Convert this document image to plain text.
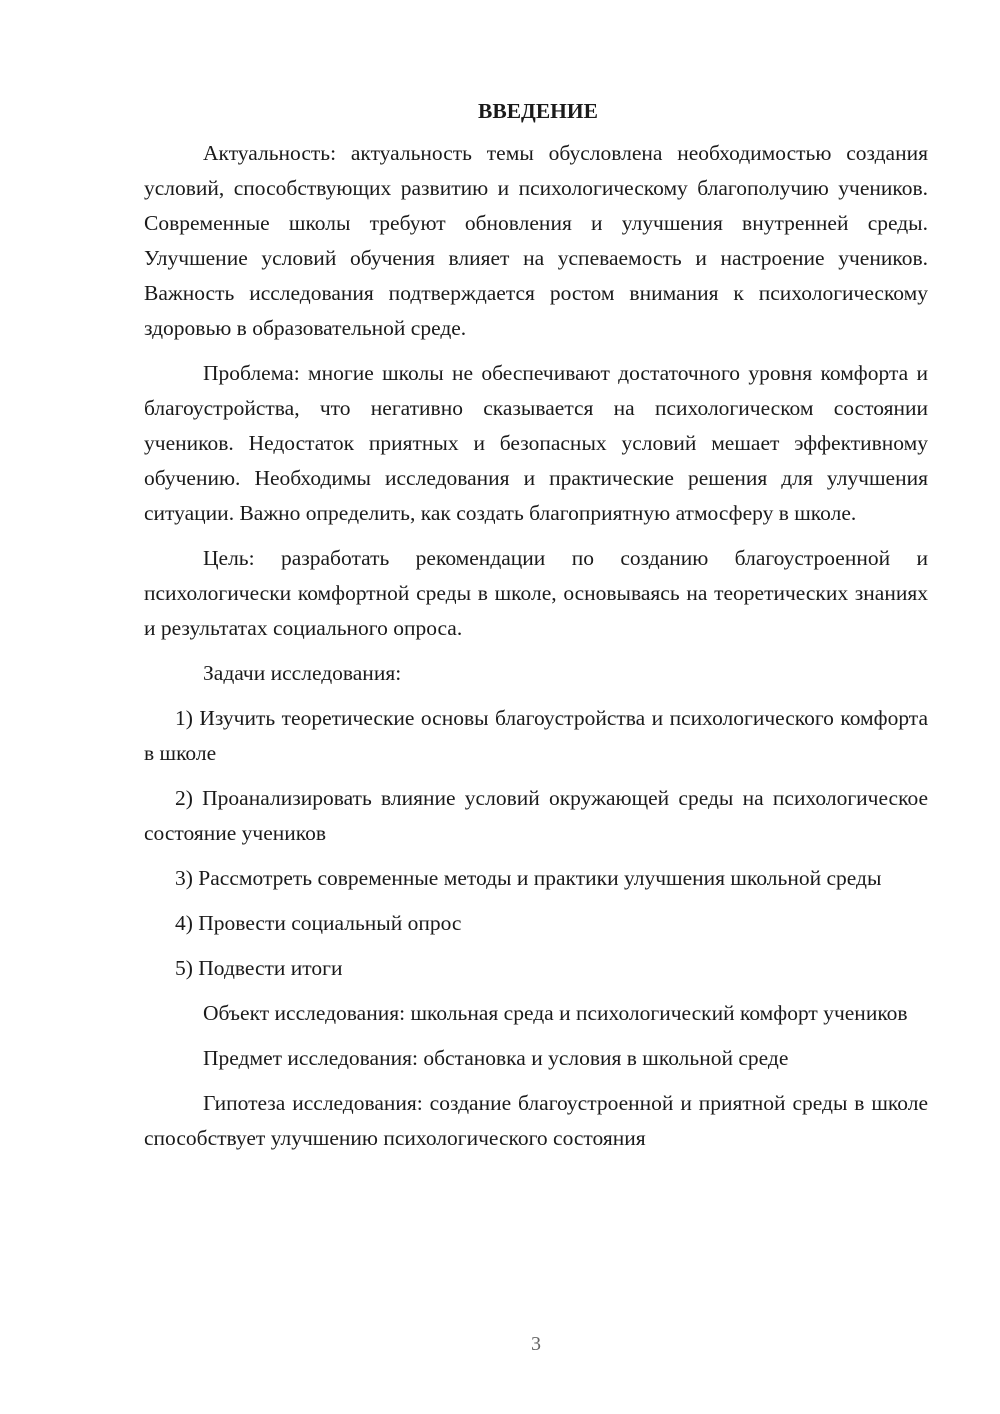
ВВЕДЕНИЕ

Актуальность: актуальность темы обусловлена необходимостью создания условий, способствующих развитию и психологическому благополучию учеников. Современные школы требуют обновления и улучшения внутренней среды. Улучшение условий обучения влияет на успеваемость и настроение учеников. Важность исследования подтверждается ростом внимания к психологическому здоровью в образовательной среде.

Проблема: многие школы не обеспечивают достаточного уровня комфорта и благоустройства, что негативно сказывается на психологическом состоянии учеников. Недостаток приятных и безопасных условий мешает эффективному обучению. Необходимы исследования и практические решения для улучшения ситуации. Важно определить, как создать благоприятную атмосферу в школе.

Цель: разработать рекомендации по созданию благоустроенной и психологически комфортной среды в школе, основываясь на теоретических знаниях и результатах социального опроса.

Задачи исследования:

1) Изучить теоретические основы благоустройства и психологического комфорта в школе

2) Проанализировать влияние условий окружающей среды на психологическое состояние учеников

3) Рассмотреть современные методы и практики улучшения школьной среды

4) Провести социальный опрос

5) Подвести итоги

Объект исследования: школьная среда и психологический комфорт учеников

Предмет исследования: обстановка и условия в школьной среде

Гипотеза исследования: создание благоустроенной и приятной среды в школе способствует улучшению психологического состояния

3
